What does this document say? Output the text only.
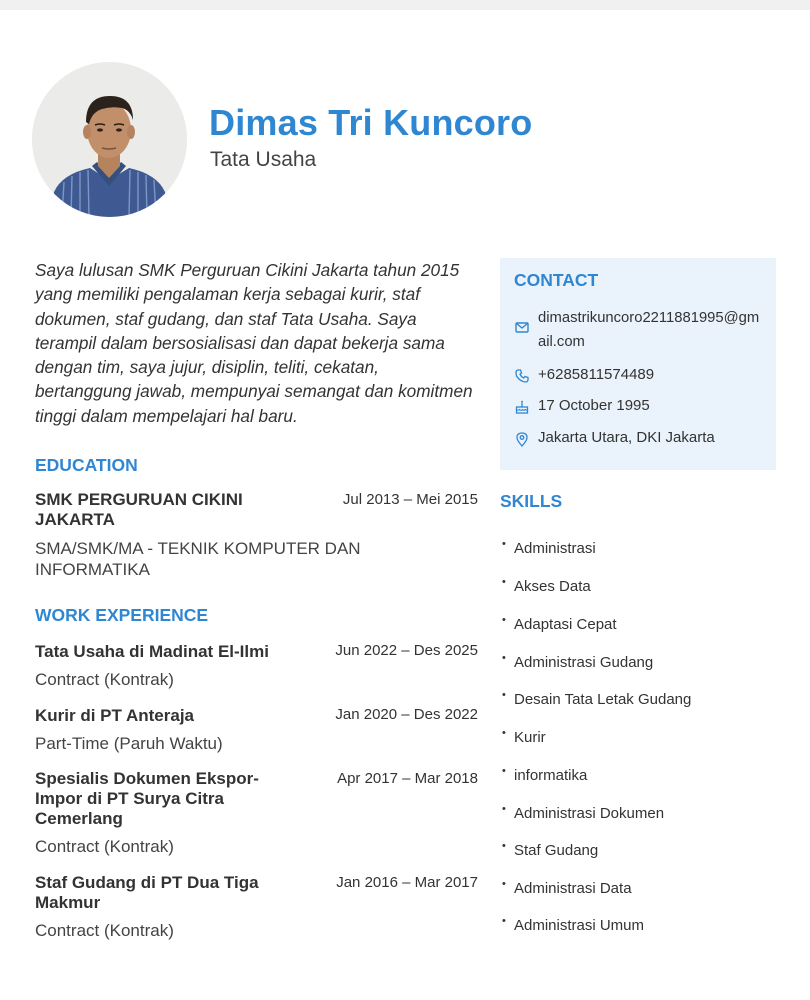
Dimas Tri Kuncoro
Tata Usaha
Saya lulusan SMK Perguruan Cikini Jakarta tahun 2015 yang memiliki pengalaman kerja sebagai kurir, staf dokumen, staf gudang, dan staf Tata Usaha. Saya terampil dalam bersosialisasi dan dapat bekerja sama dengan tim, saya jujur, disiplin, teliti, cekatan, bertanggung jawab, mempunyai semangat dan komitmen tinggi dalam mempelajari hal baru.
EDUCATION
SMK PERGURUAN CIKINI JAKARTA
Jul 2013 – Mei 2015
SMA/SMK/MA - TEKNIK KOMPUTER DAN INFORMATIKA
WORK EXPERIENCE
Tata Usaha di Madinat El-Ilmi	Jun 2022 – Des 2025
Contract (Kontrak)
Kurir di PT Anteraja	Jan 2020 – Des 2022
Part-Time (Paruh Waktu)
Spesialis Dokumen Ekspor-Impor di PT Surya Citra Cemerlang
Apr 2017 – Mar 2018
Contract (Kontrak)
Staf Gudang di PT Dua Tiga Makmur
Jan 2016 – Mar 2017
Contract (Kontrak)
CONTACT
dimastrikuncoro2211881995@gmail.com
+6285811574489
17 October 1995
Jakarta Utara, DKI Jakarta
SKILLS
• Administrasi
• Akses Data
• Adaptasi Cepat
• Administrasi Gudang
• Desain Tata Letak Gudang
• Kurir
• informatika
• Administrasi Dokumen
• Staf Gudang
• Administrasi Data
• Administrasi Umum
